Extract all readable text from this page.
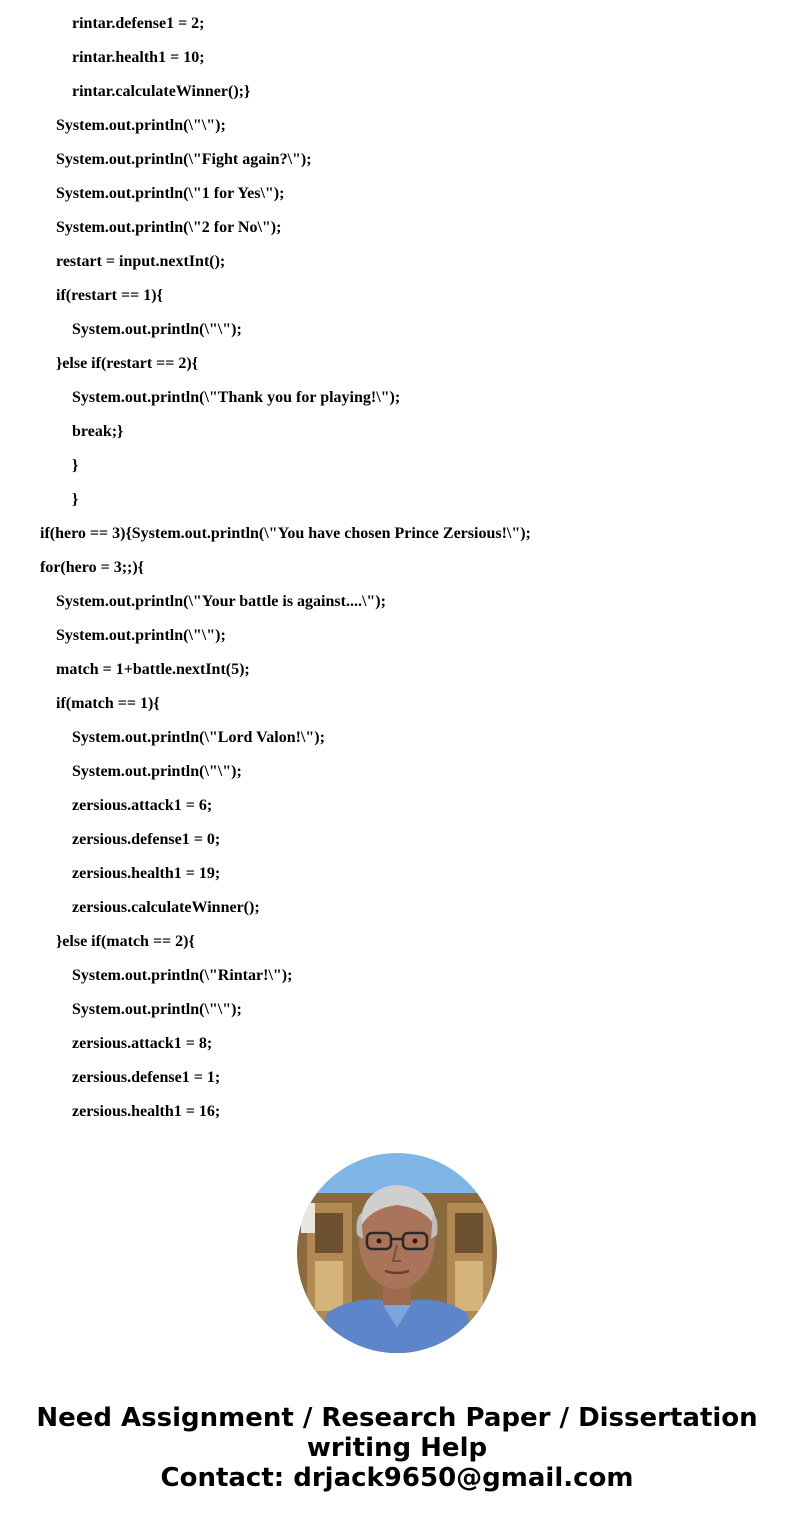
rintar.defense1 = 2;
rintar.health1 = 10;
rintar.calculateWinner();}
System.out.println(\"\");
System.out.println(\"Fight again?\");
System.out.println(\"1 for Yes\");
System.out.println(\"2 for No\");
restart = input.nextInt();
if(restart == 1){
System.out.println(\"\");
}else if(restart == 2){
System.out.println(\"Thank you for playing!\");
break;}
}
}
if(hero == 3){System.out.println(\"You have chosen Prince Zersious!\");
for(hero = 3;;){
System.out.println(\"Your battle is against....\");
System.out.println(\"\");
match = 1+battle.nextInt(5);
if(match == 1){
System.out.println(\"Lord Valon!\");
System.out.println(\"\");
zersious.attack1 = 6;
zersious.defense1 = 0;
zersious.health1 = 19;
zersious.calculateWinner();
}else if(match == 2){
System.out.println(\"Rintar!\");
System.out.println(\"\");
zersious.attack1 = 8;
zersious.defense1 = 1;
zersious.health1 = 16;
Need Assignment / Research Paper / Dissertation
writing Help
Contact: drjack9650@gmail.com
